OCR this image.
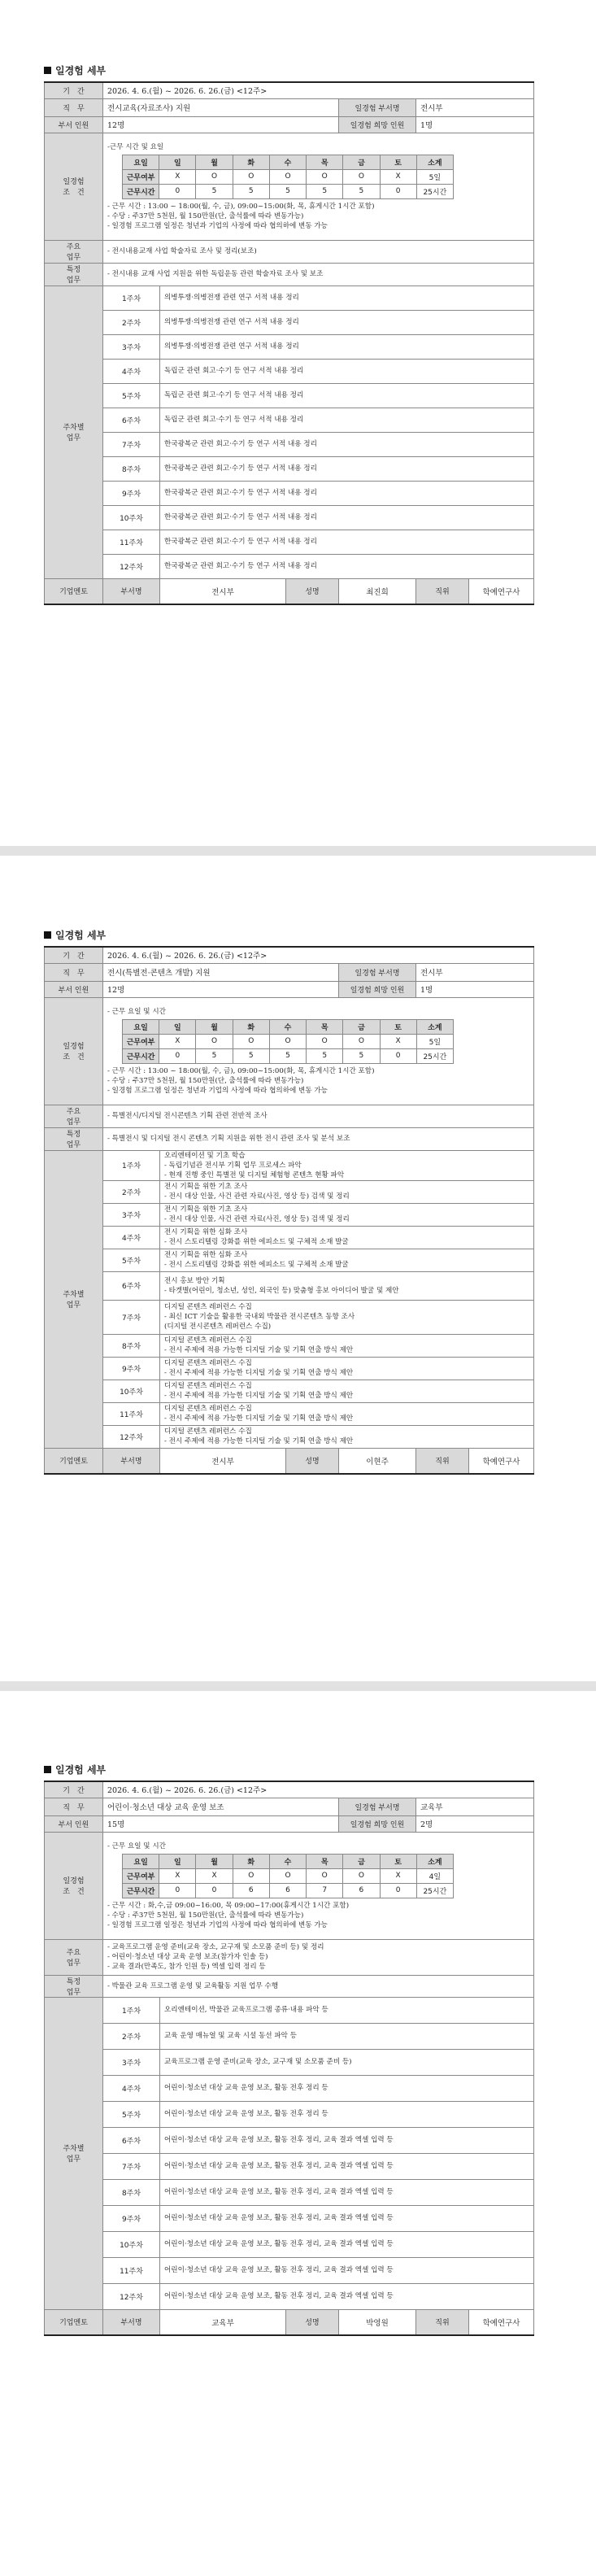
일경험 세부
기　간	2026. 4. 6.(월) ~ 2026. 6. 26.(금) <12주>
직　무	전시교육(자료조사) 지원	일경험 부서명	전시부
부서 인원	12명	일경험 희망 인원	1명
일경험
조　건	
-근무 시간 및 요일
요일	일	월	화	수	목	금	토	소계
근무여부	X	O	O	O	O	O	X	5일
근무시간	0	5	5	5	5	5	0	25시간
- 근무 시간 : 13:00 ~ 18:00(월, 수, 금), 09:00~15:00(화, 목, 휴게시간 1시간 포함)
- 수당 : 주37만 5천원, 월 150만원(단, 출석률에 따라 변동가능)
- 일경험 프로그램 일정은 청년과 기업의 사정에 따라 협의하에 변동 가능

주요
업무	
- 전시내용교재 사업 학술자료 조사 및 정리(보조)

특정
업무	
- 전시내용 교재 사업 지원을 위한 독립운동 관련 학술자료 조사 및 보조

주차별
업무	1주차	의병투쟁·의병전쟁 관련 연구 서적 내용 정리

2주차	의병투쟁·의병전쟁 관련 연구 서적 내용 정리

3주차	의병투쟁·의병전쟁 관련 연구 서적 내용 정리

4주차	독립군 관련 회고·수기 등 연구 서적 내용 정리

5주차	독립군 관련 회고·수기 등 연구 서적 내용 정리

6주차	독립군 관련 회고·수기 등 연구 서적 내용 정리

7주차	한국광복군 관련 회고·수기 등 연구 서적 내용 정리

8주차	한국광복군 관련 회고·수기 등 연구 서적 내용 정리

9주차	한국광복군 관련 회고·수기 등 연구 서적 내용 정리

10주차	한국광복군 관련 회고·수기 등 연구 서적 내용 정리

11주차	한국광복군 관련 회고·수기 등 연구 서적 내용 정리

12주차	한국광복군 관련 회고·수기 등 연구 서적 내용 정리

기업멘토	부서명	전시부	성명	최진희	직위	학예연구사
일경험 세부
기　간	2026. 4. 6.(월) ~ 2026. 6. 26.(금) <12주>
직　무	전시(특별전·콘텐츠 개발) 지원	일경험 부서명	전시부
부서 인원	12명	일경험 희망 인원	1명
일경험
조　건	
- 근무 요일 및 시간
요일	일	월	화	수	목	금	토	소계
근무여부	X	O	O	O	O	O	X	5일
근무시간	0	5	5	5	5	5	0	25시간
- 근무 시간 : 13:00 ~ 18:00(월, 수, 금), 09:00~15:00(화, 목, 휴게시간 1시간 포함)
- 수당 : 주37만 5천원, 월 150만원(단, 출석률에 따라 변동가능)
- 일경험 프로그램 일정은 청년과 기업의 사정에 따라 협의하에 변동 가능

주요
업무	
- 특별전시/디지털 전시콘텐츠 기획 관련 전반적 조사

특정
업무	
- 특별전시 및 디지털 전시 콘텐츠 기획 지원을 위한 전시 관련 조사 및 분석 보조

주차별
업무	1주차	
오리엔테이션 및 기초 학습
- 독립기념관 전시부 기획 업무 프로세스 파악
- 현재 진행 중인 특별전 및 디지털 체험형 콘텐츠 현황 파악

2주차	
전시 기획을 위한 기초 조사
- 전시 대상 인물, 사건 관련 자료(사진, 영상 등) 검색 및 정리

3주차	
전시 기획을 위한 기초 조사
- 전시 대상 인물, 사건 관련 자료(사진, 영상 등) 검색 및 정리

4주차	
전시 기획을 위한 심화 조사
- 전시 스토리텔링 강화를 위한 에피소드 및 구체적 소재 발굴

5주차	
전시 기획을 위한 심화 조사
- 전시 스토리텔링 강화를 위한 에피소드 및 구체적 소재 발굴

6주차	
전시 홍보 방안 기획
- 타겟별(어린이, 청소년, 성인, 외국인 등) 맞춤형 홍보 아이디어 발굴 및 제안

7주차	
디지털 콘텐츠 레퍼런스 수집
- 최신 ICT 기술을 활용한 국내외 박물관 전시콘텐츠 동향 조사
(디지털 전시콘텐츠 레퍼런스 수집)

8주차	
디지털 콘텐츠 레퍼런스 수집
- 전시 주제에 적용 가능한 디지털 기술 및 기획 연출 방식 제안

9주차	
디지털 콘텐츠 레퍼런스 수집
- 전시 주제에 적용 가능한 디지털 기술 및 기획 연출 방식 제안

10주차	
디지털 콘텐츠 레퍼런스 수집
- 전시 주제에 적용 가능한 디지털 기술 및 기획 연출 방식 제안

11주차	
디지털 콘텐츠 레퍼런스 수집
- 전시 주제에 적용 가능한 디지털 기술 및 기획 연출 방식 제안

12주차	
디지털 콘텐츠 레퍼런스 수집
- 전시 주제에 적용 가능한 디지털 기술 및 기획 연출 방식 제안

기업멘토	부서명	전시부	성명	이현주	직위	학예연구사
일경험 세부
기　간	2026. 4. 6.(월) ~ 2026. 6. 26.(금) <12주>
직　무	어린이·청소년 대상 교육 운영 보조	일경험 부서명	교육부
부서 인원	15명	일경험 희망 인원	2명
일경험
조　건	
- 근무 요일 및 시간
요일	일	월	화	수	목	금	토	소계
근무여부	X	X	O	O	O	O	X	4일
근무시간	0	0	6	6	7	6	0	25시간
- 근무 시간 : 화,수,금 09:00~16:00, 목 09:00~17:00(휴게시간 1시간 포함)
- 수당 : 주37만 5천원, 월 150만원(단, 출석률에 따라 변동가능)
- 일경험 프로그램 일정은 청년과 기업의 사정에 따라 협의하에 변동 가능

주요
업무	
- 교육프로그램 운영 준비(교육 장소, 교구재 및 소모품 준비 등) 및 정리
- 어린이·청소년 대상 교육 운영 보조(참가자 인솔 등)
- 교육 결과(만족도, 참가 인원 등) 엑셀 입력 정리 등

특정
업무	
- 박물관 교육 프로그램 운영 및 교육활동 지원 업무 수행

주차별
업무	1주차	오리엔테이션, 박물관 교육프로그램 종류·내용 파악 등

2주차	교육 운영 매뉴얼 및 교육 시설 동선 파악 등

3주차	교육프로그램 운영 준비(교육 장소, 교구재 및 소모품 준비 등)

4주차	어린이·청소년 대상 교육 운영 보조, 활동 전후 정리 등

5주차	어린이·청소년 대상 교육 운영 보조, 활동 전후 정리 등

6주차	어린이·청소년 대상 교육 운영 보조, 활동 전후 정리, 교육 결과 엑셀 입력 등

7주차	어린이·청소년 대상 교육 운영 보조, 활동 전후 정리, 교육 결과 엑셀 입력 등

8주차	어린이·청소년 대상 교육 운영 보조, 활동 전후 정리, 교육 결과 엑셀 입력 등

9주차	어린이·청소년 대상 교육 운영 보조, 활동 전후 정리, 교육 결과 엑셀 입력 등

10주차	어린이·청소년 대상 교육 운영 보조, 활동 전후 정리, 교육 결과 엑셀 입력 등

11주차	어린이·청소년 대상 교육 운영 보조, 활동 전후 정리, 교육 결과 엑셀 입력 등

12주차	어린이·청소년 대상 교육 운영 보조, 활동 전후 정리, 교육 결과 엑셀 입력 등

기업멘토	부서명	교육부	성명	박영원	직위	학예연구사
